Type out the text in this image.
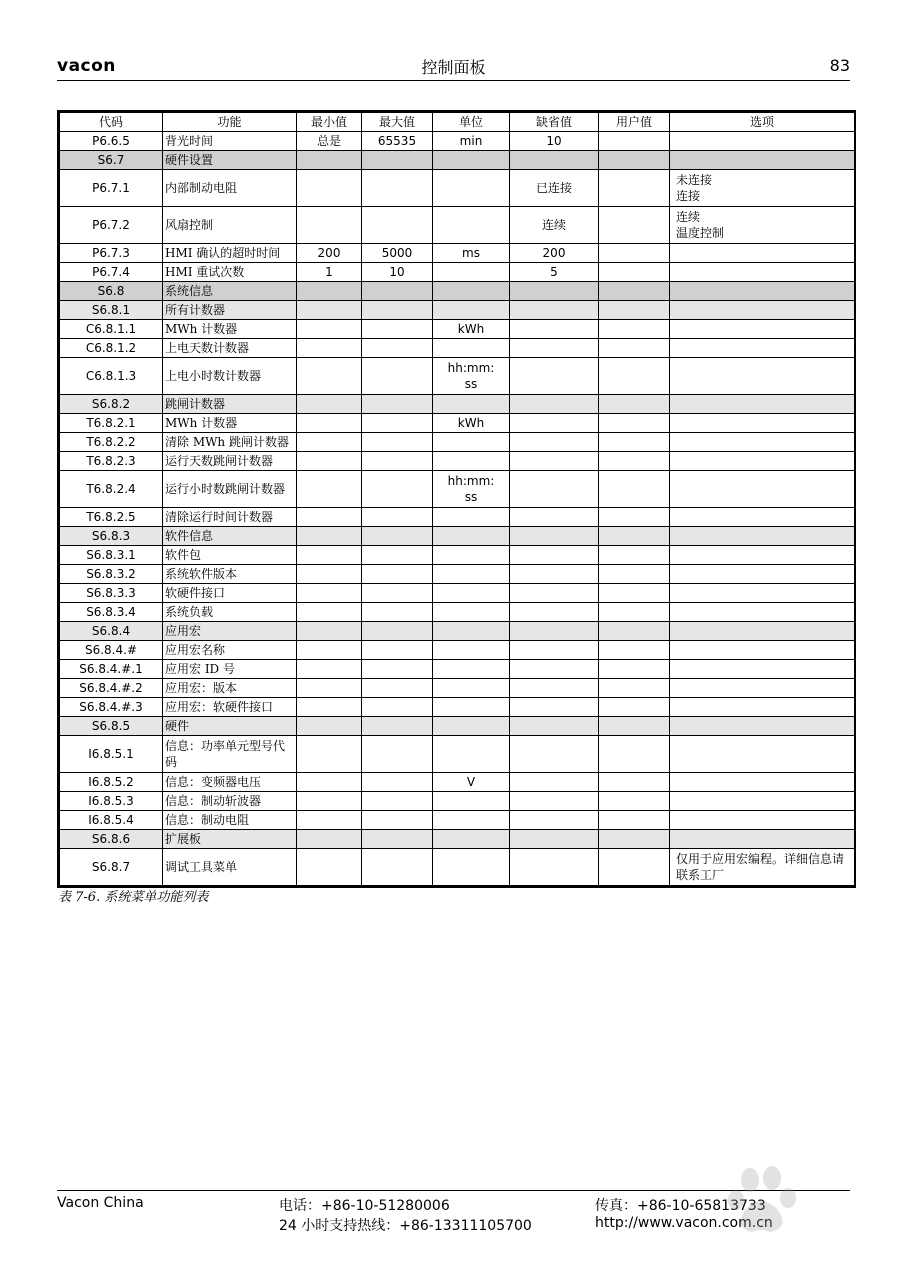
vacon	控制面板	83
代码	功能	最小值	最大值	单位	缺省值	用户值	选项
P6.6.5	背光时间	总是	65535	min	10		
S6.7	硬件设置						
P6.7.1	内部制动电阻				已连接		未连接
连接
P6.7.2	风扇控制				连续		连续
温度控制
P6.7.3	HMI 确认的超时时间	200	5000	ms	200		
P6.7.4	HMI 重试次数	1	10		5		
S6.8	系统信息						
S6.8.1	所有计数器						
C6.8.1.1	MWh 计数器			kWh			
C6.8.1.2	上电天数计数器						
C6.8.1.3	上电小时数计数器			hh:mm:
ss			
S6.8.2	跳闸计数器						
T6.8.2.1	MWh 计数器			kWh			
T6.8.2.2	清除 MWh 跳闸计数器						
T6.8.2.3	运行天数跳闸计数器						
T6.8.2.4	运行小时数跳闸计数器			hh:mm:
ss			
T6.8.2.5	清除运行时间计数器						
S6.8.3	软件信息						
S6.8.3.1	软件包						
S6.8.3.2	系统软件版本						
S6.8.3.3	软硬件接口						
S6.8.3.4	系统负载						
S6.8.4	应用宏						
S6.8.4.#	应用宏名称						
S6.8.4.#.1	应用宏 ID 号						
S6.8.4.#.2	应用宏：版本						
S6.8.4.#.3	应用宏：软硬件接口						
S6.8.5	硬件						
I6.8.5.1	信息：功率单元型号代码						
I6.8.5.2	信息：变频器电压			V			
I6.8.5.3	信息：制动斩波器						
I6.8.5.4	信息：制动电阻						
S6.8.6	扩展板						
S6.8.7	调试工具菜单						仅用于应用宏编程。详细信息请联系工厂
表 7-6. 系统菜单功能列表
Vacon China	电话：+86-10-51280006
24 小时支持热线：+86-13311105700
传真：+86-10-65813733
http://www.vacon.com.cn
